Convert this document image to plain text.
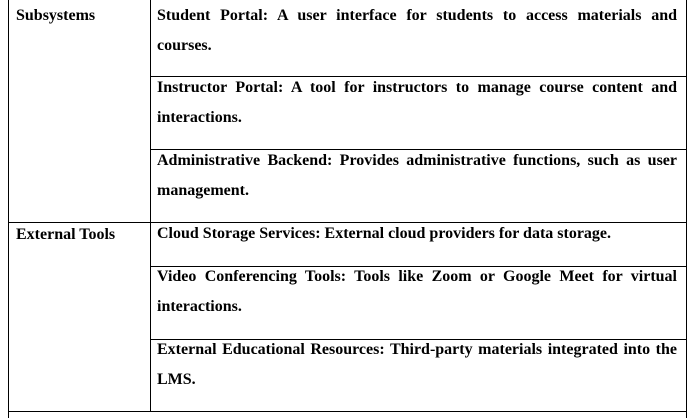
Subsystems
External Tools
Student Portal: A user interface for students to access materials and courses.
Instructor Portal: A tool for instructors to manage course content and interactions.
Administrative Backend: Provides administrative functions, such as user management.
Cloud Storage Services: External cloud providers for data storage.
Video Conferencing Tools: Tools like Zoom or Google Meet for virtual interactions.
External Educational Resources: Third-party materials integrated into the LMS.
